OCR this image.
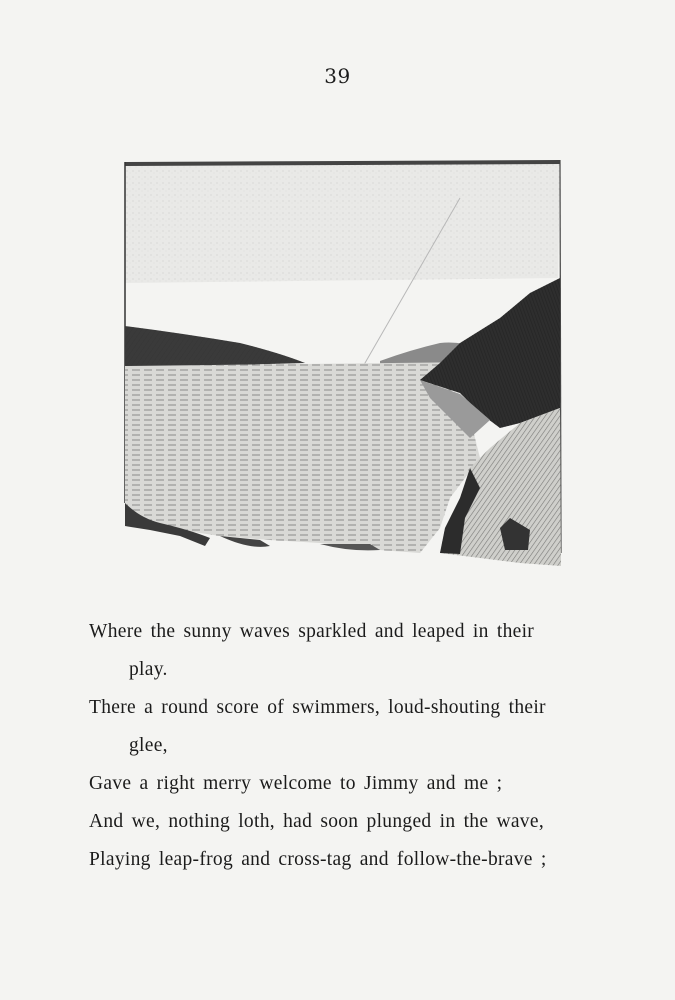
39
Where the sunny waves sparkled and leaped in their
play.
There a round score of swimmers, loud-shouting their
glee,
Gave a right merry welcome to Jimmy and me ;
And we, nothing loth, had soon plunged in the wave,
Playing leap-frog and cross-tag and follow-the-brave ;
